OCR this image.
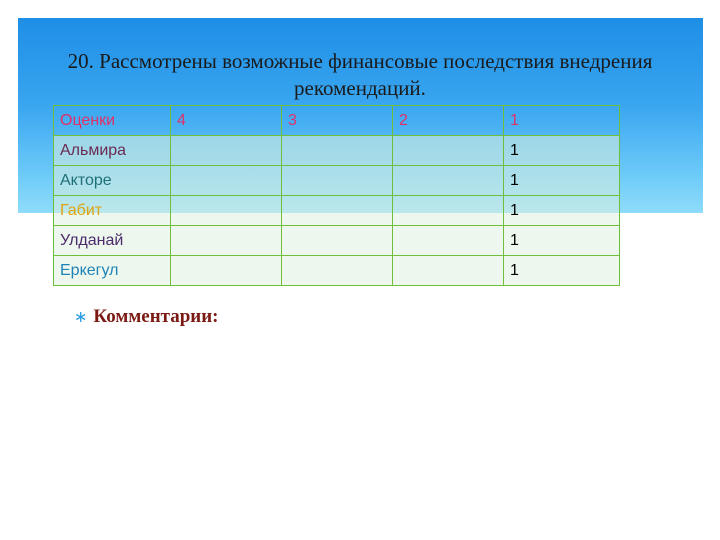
20. Рассмотрены возможные финансовые последствия внедрения рекомендаций.
Оценки	4	3	2	1
Альмира				1
Акторе				1
Габит				1
Улданай				1
Еркегул				1
∗ Комментарии:
